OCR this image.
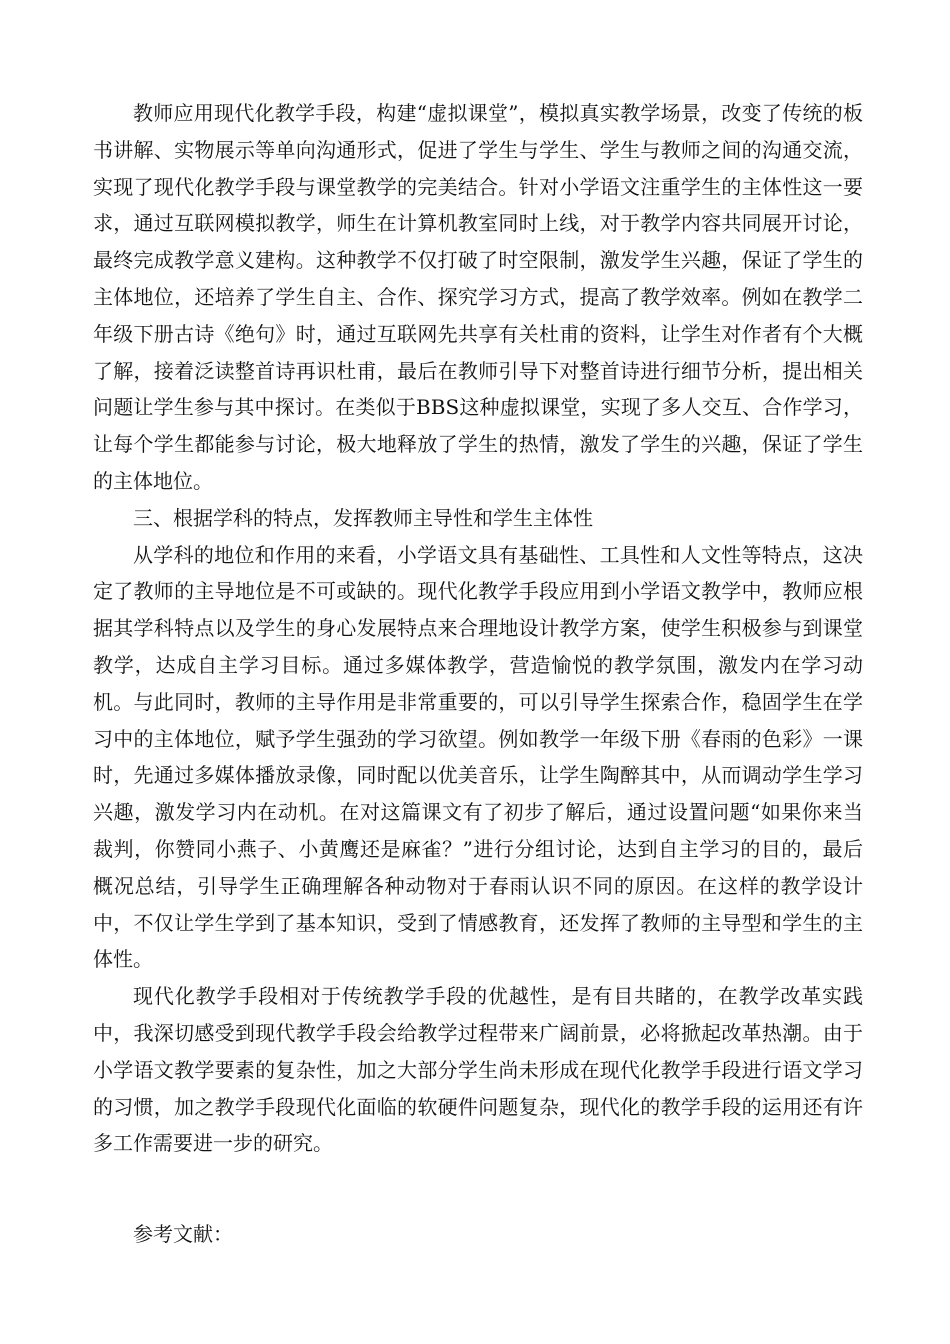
教师应用现代化教学手段，构建“虚拟课堂”，模拟真实教学场景，改变了传统的板书讲解、实物展示等单向沟通形式，促进了学生与学生、学生与教师之间的沟通交流，实现了现代化教学手段与课堂教学的完美结合。针对小学语文注重学生的主体性这一要求，通过互联网模拟教学，师生在计算机教室同时上线，对于教学内容共同展开讨论，最终完成教学意义建构。这种教学不仅打破了时空限制，激发学生兴趣，保证了学生的主体地位，还培养了学生自主、合作、探究学习方式，提高了教学效率。例如在教学二年级下册古诗《绝句》时，通过互联网先共享有关杜甫的资料，让学生对作者有个大概了解，接着泛读整首诗再识杜甫，最后在教师引导下对整首诗进行细节分析，提出相关问题让学生参与其中探讨。在类似于BBS这种虚拟课堂，实现了多人交互、合作学习，让每个学生都能参与讨论，极大地释放了学生的热情，激发了学生的兴趣，保证了学生的主体地位。

三、根据学科的特点，发挥教师主导性和学生主体性

从学科的地位和作用的来看，小学语文具有基础性、工具性和人文性等特点，这决定了教师的主导地位是不可或缺的。现代化教学手段应用到小学语文教学中，教师应根据其学科特点以及学生的身心发展特点来合理地设计教学方案，使学生积极参与到课堂教学，达成自主学习目标。通过多媒体教学，营造愉悦的教学氛围，激发内在学习动机。与此同时，教师的主导作用是非常重要的，可以引导学生探索合作，稳固学生在学习中的主体地位，赋予学生强劲的学习欲望。例如教学一年级下册《春雨的色彩》一课时，先通过多媒体播放录像，同时配以优美音乐，让学生陶醉其中，从而调动学生学习兴趣，激发学习内在动机。在对这篇课文有了初步了解后，通过设置问题“如果你来当裁判，你赞同小燕子、小黄鹰还是麻雀？”进行分组讨论，达到自主学习的目的，最后概况总结，引导学生正确理解各种动物对于春雨认识不同的原因。在这样的教学设计中，不仅让学生学到了基本知识，受到了情感教育，还发挥了教师的主导型和学生的主体性。

现代化教学手段相对于传统教学手段的优越性，是有目共睹的，在教学改革实践中，我深切感受到现代教学手段会给教学过程带来广阔前景，必将掀起改革热潮。由于小学语文教学要素的复杂性，加之大部分学生尚未形成在现代化教学手段进行语文学习的习惯，加之教学手段现代化面临的软硬件问题复杂，现代化的教学手段的运用还有许多工作需要进一步的研究。

参考文献：
